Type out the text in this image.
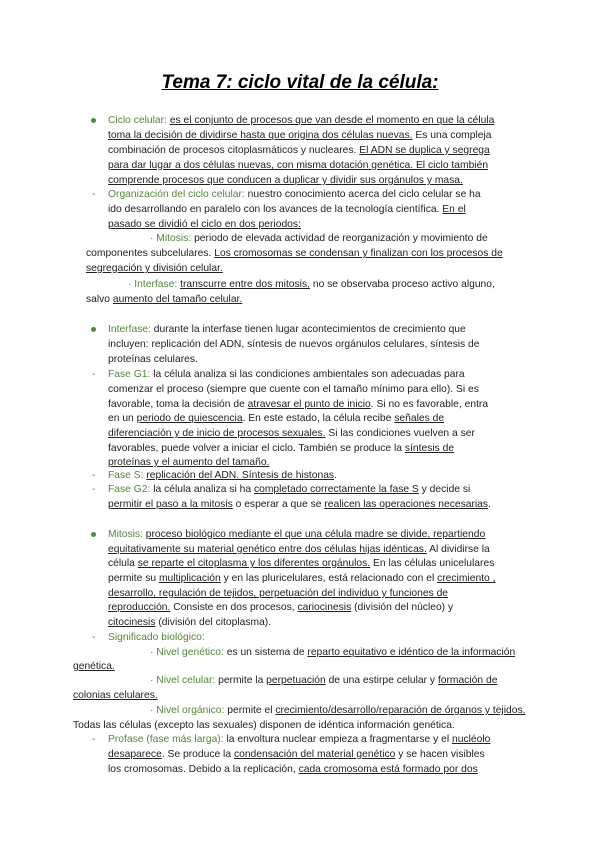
Tema 7: ciclo vital de la célula:
Ciclo celular: es el conjunto de procesos que van desde el momento en que la célula
toma la decisión de dividirse hasta que origina dos células nuevas. Es una compleja
combinación de procesos citoplasmáticos y nucleares. El ADN se duplica y segrega
para dar lugar a dos células nuevas, con misma dotación genética. El ciclo también
comprende procesos que conducen a duplicar y dividir sus orgánulos y masa.
Organización del ciclo celular: nuestro conocimiento acerca del ciclo celular se ha
ido desarrollando en paralelo con los avances de la tecnología científica. En el
pasado se dividió el ciclo en dos periodos:
· Mitosis: periodo de elevada actividad de reorganización y movimiento de
componentes subcelulares. Los cromosomas se condensan y finalizan con los procesos de
segregación y división celular.
· Interfase: transcurre entre dos mitosis, no se observaba proceso activo alguno,
salvo aumento del tamaño celular.
Interfase: durante la interfase tienen lugar acontecimientos de crecimiento que
incluyen: replicación del ADN, síntesis de nuevos orgánulos celulares, síntesis de
proteínas celulares.
Fase G1: la célula analiza si las condiciones ambientales son adecuadas para
comenzar el proceso (siempre que cuente con el tamaño mínimo para ello). Si es
favorable, toma la decisión de atravesar el punto de inicio. Si no es favorable, entra
en un periodo de quiescencia. En este estado, la célula recibe señales de
diferenciación y de inicio de procesos sexuales. Si las condiciones vuelven a ser
favorables, puede volver a iniciar el ciclo. También se produce la síntesis de
proteínas y el aumento del tamaño.
Fase S: replicación del ADN. Síntesis de histonas.
Fase G2: la célula analiza si ha completado correctamente la fase S y decide si
permitir el paso a la mitosis o esperar a que se realicen las operaciones necesarias.
Mitosis: proceso biológico mediante el que una célula madre se divide, repartiendo
equitativamente su material genético entre dos células hijas idénticas. Al dividirse la
célula se reparte el citoplasma y los diferentes orgánulos. En las células unicelulares
permite su multiplicación y en las pluricelulares, está relacionado con el crecimiento ,
desarrollo, regulación de tejidos, perpetuación del individuo y funciones de
reproducción. Consiste en dos procesos, cariocinesis (división del núcleo) y
citocinesis (división del citoplasma).
Significado biológico:
· Nivel genético: es un sistema de reparto equitativo e idéntico de la información
genética.
· Nivel celular: permite la perpetuación de una estirpe celular y formación de
colonias celulares.
· Nivel orgánico: permite el crecimiento/desarrollo/reparación de órganos y tejidos.
Todas las células (excepto las sexuales) disponen de idéntica información genética.
Profase (fase más larga): la envoltura nuclear empieza a fragmentarse y el nucléolo
desaparece. Se produce la condensación del material genético y se hacen visibles
los cromosomas. Debido a la replicación, cada cromosoma está formado por dos
-
-
-
-
-
-
